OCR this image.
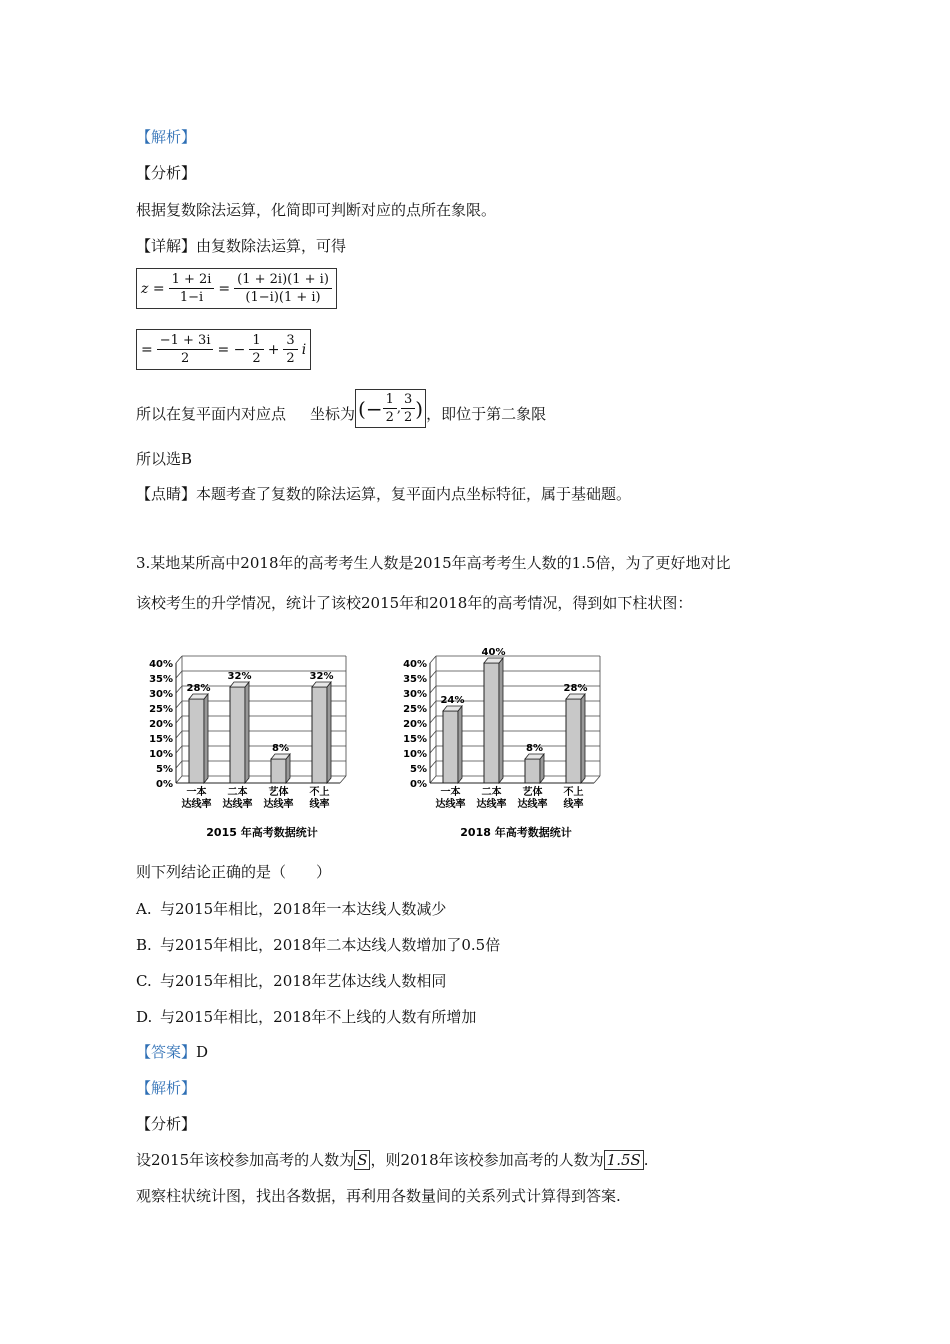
【解析】
【分析】
根据复数除法运算，化简即可判断对应的点所在象限。
【详解】由复数除法运算，可得
$z = \frac{1 + 2i}{1-i} = \frac{(1 + 2i)(1 + i)}{(1-i)(1 + i)}$
= $\frac{-1 + 3i}{2}$ = − $\frac{1}{2} + \frac{3}{2}$ i
所以在复平面内对应点 坐标为 (− $\frac{1}{2}$ , $\frac{3}{2}$ ) ，即位于第二象限
所以选B
【点睛】本题考查了复数的除法运算，复平面内点坐标特征，属于基础题。
3.某地某所高中2018年的高考考生人数是2015年高考考生人数的1.5倍，为了更好地对比
该校考生的升学情况，统计了该校2015年和2018年的高考情况，得到如下柱状图：
0%
5%
10%
15%
20%
25%
30%
35%
40%
28%
一本
达线率
32%
二本
达线率
8%
艺体
达线率
32%
不上
线率
2015 年高考数据统计
0%
5%
10%
15%
20%
25%
30%
35%
40%
24%
一本
达线率
40%
二本
达线率
8%
艺体
达线率
28%
不上
线率
2018 年高考数据统计
则下列结论正确的是（　　）
A. 与2015年相比，2018年一本达线人数减少
B. 与2015年相比，2018年二本达线人数增加了0.5倍
C. 与2015年相比，2018年艺体达线人数相同
D. 与2015年相比，2018年不上线的人数有所增加
【答案】D
【解析】
【分析】
设2015年该校参加高考的人数为 S ，则2018年该校参加高考的人数为 1.5S .
观察柱状统计图，找出各数据，再利用各数量间的关系列式计算得到答案.
